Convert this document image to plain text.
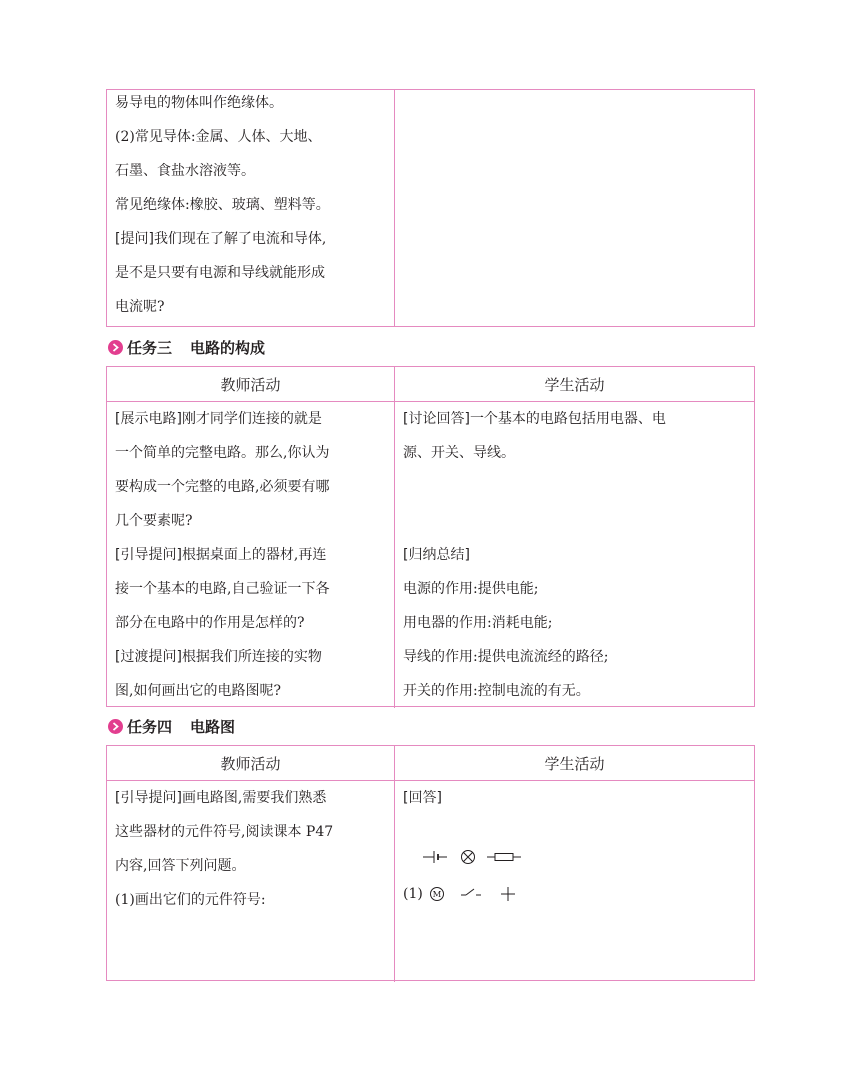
易导电的物体叫作绝缘体。
(2)常见导体:金属、人体、大地、
石墨、食盐水溶液等。
常见绝缘体:橡胶、玻璃、塑料等。
[提问]我们现在了解了电流和导体,
是不是只要有电源和导线就能形成
电流呢?
任务三 电路的构成
教师活动	学生活动
[展示电路]刚才同学们连接的就是
一个简单的完整电路。那么,你认为
要构成一个完整的电路,必须要有哪
几个要素呢?
[引导提问]根据桌面上的器材,再连
接一个基本的电路,自己验证一下各
部分在电路中的作用是怎样的?
[过渡提问]根据我们所连接的实物
图,如何画出它的电路图呢?
[讨论回答]一个基本的电路包括用电器、电
源、开关、导线。
[归纳总结]
电源的作用:提供电能;
用电器的作用:消耗电能;
导线的作用:提供电流流经的路径;
开关的作用:控制电流的有无。
任务四 电路图
教师活动	学生活动
[引导提问]画电路图,需要我们熟悉
这些器材的元件符号,阅读课本 P47
内容,回答下列问题。
(1)画出它们的元件符号:
[回答]
(1) M
